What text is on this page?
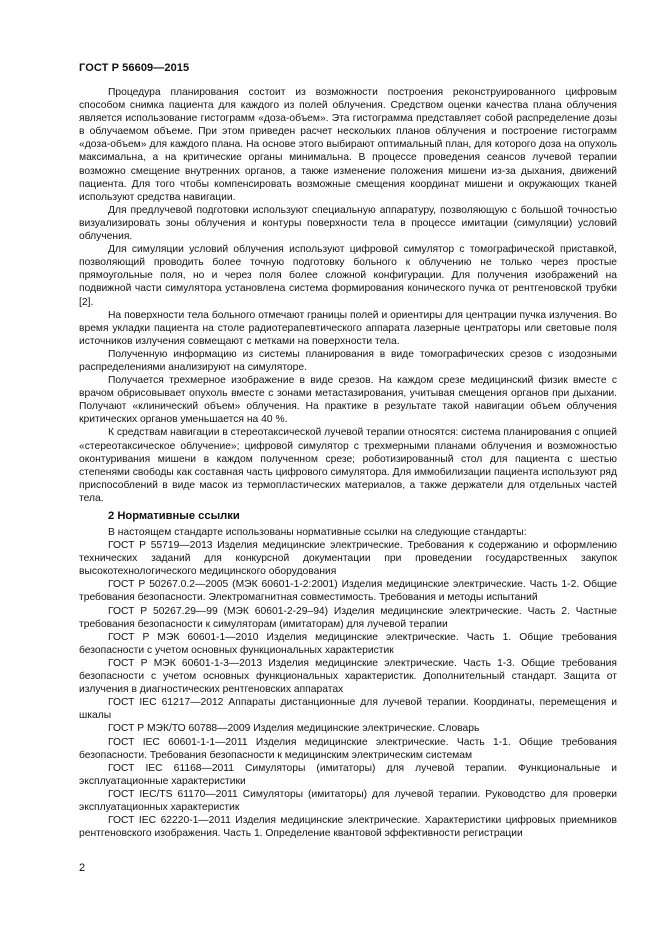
ГОСТ Р 56609—2015

Процедура планирования состоит из возможности построения реконструированного цифровым способом снимка пациента для каждого из полей облучения. Средством оценки качества плана облучения является использование гистограмм «доза-объем». Эта гистограмма представляет собой распределение дозы в облучаемом объеме. При этом приведен расчет нескольких планов облучения и построение гистограмм «доза-объем» для каждого плана. На основе этого выбирают оптимальный план, для которого доза на опухоль максимальна, а на критические органы минимальна. В процессе проведения сеансов лучевой терапии возможно смещение внутренних органов, а также изменение положения мишени из-за дыхания, движений пациента. Для того чтобы компенсировать возможные смещения координат мишени и окружающих тканей используют средства навигации.

Для предлучевой подготовки используют специальную аппаратуру, позволяющую с большой точностью визуализировать зоны облучения и контуры поверхности тела в процессе имитации (симуляции) условий облучения.

Для симуляции условий облучения используют цифровой симулятор с томографической приставкой, позволяющий проводить более точную подготовку больного к облучению не только через простые прямоугольные поля, но и через поля более сложной конфигурации. Для получения изображений на подвижной части симулятора установлена система формирования конического пучка от рентгеновской трубки [2].

На поверхности тела больного отмечают границы полей и ориентиры для центрации пучка излучения. Во время укладки пациента на столе радиотерапевтического аппарата лазерные центраторы или световые поля источников излучения совмещают с метками на поверхности тела.

Полученную информацию из системы планирования в виде томографических срезов с изодозными распределениями анализируют на симуляторе.

Получается трехмерное изображение в виде срезов. На каждом срезе медицинский физик вместе с врачом обрисовывает опухоль вместе с зонами метастазирования, учитывая смещения органов при дыхании. Получают «клинический объем» облучения. На практике в результате такой навигации объем облучения критических органов уменьшается на 40 %.

К средствам навигации в стереотаксической лучевой терапии относятся: система планирования с опцией «стереотаксическое облучение»; цифровой симулятор с трехмерными планами облучения и возможностью оконтуривания мишени в каждом полученном срезе; роботизированный стол для пациента с шестью степенями свободы как составная часть цифрового симулятора. Для иммобилизации пациента используют ряд приспособлений в виде масок из термопластических материалов, а также держатели для отдельных частей тела.

2 Нормативные ссылки

В настоящем стандарте использованы нормативные ссылки на следующие стандарты:

ГОСТ Р 55719—2013 Изделия медицинские электрические. Требования к содержанию и оформлению технических заданий для конкурсной документации при проведении государственных закупок высокотехнологического медицинского оборудования

ГОСТ Р 50267.0.2—2005 (МЭК 60601-1-2:2001) Изделия медицинские электрические. Часть 1-2. Общие требования безопасности. Электромагнитная совместимость. Требования и методы испытаний

ГОСТ Р 50267.29—99 (МЭК 60601-2-29–94) Изделия медицинские электрические. Часть 2. Частные требования безопасности к симуляторам (имитаторам) для лучевой терапии

ГОСТ Р МЭК 60601-1—2010 Изделия медицинские электрические. Часть 1. Общие требования безопасности с учетом основных функциональных характеристик

ГОСТ Р МЭК 60601-1-3—2013 Изделия медицинские электрические. Часть 1-3. Общие требования безопасности с учетом основных функциональных характеристик. Дополнительный стандарт. Защита от излучения в диагностических рентгеновских аппаратах

ГОСТ IEC 61217—2012 Аппараты дистанционные для лучевой терапии. Координаты, перемещения и шкалы

ГОСТ Р МЭК/ТО 60788—2009 Изделия медицинские электрические. Словарь

ГОСТ IEC 60601-1-1—2011 Изделия медицинские электрические. Часть 1-1. Общие требования безопасности. Требования безопасности к медицинским электрическим системам

ГОСТ IEC 61168—2011 Симуляторы (имитаторы) для лучевой терапии. Функциональные и эксплуатационные характеристики

ГОСТ IEC/TS 61170—2011 Симуляторы (имитаторы) для лучевой терапии. Руководство для проверки эксплуатационных характеристик

ГОСТ IEC 62220-1—2011 Изделия медицинские электрические. Характеристики цифровых приемников рентгеновского изображения. Часть 1. Определение квантовой эффективности регистрации

2
